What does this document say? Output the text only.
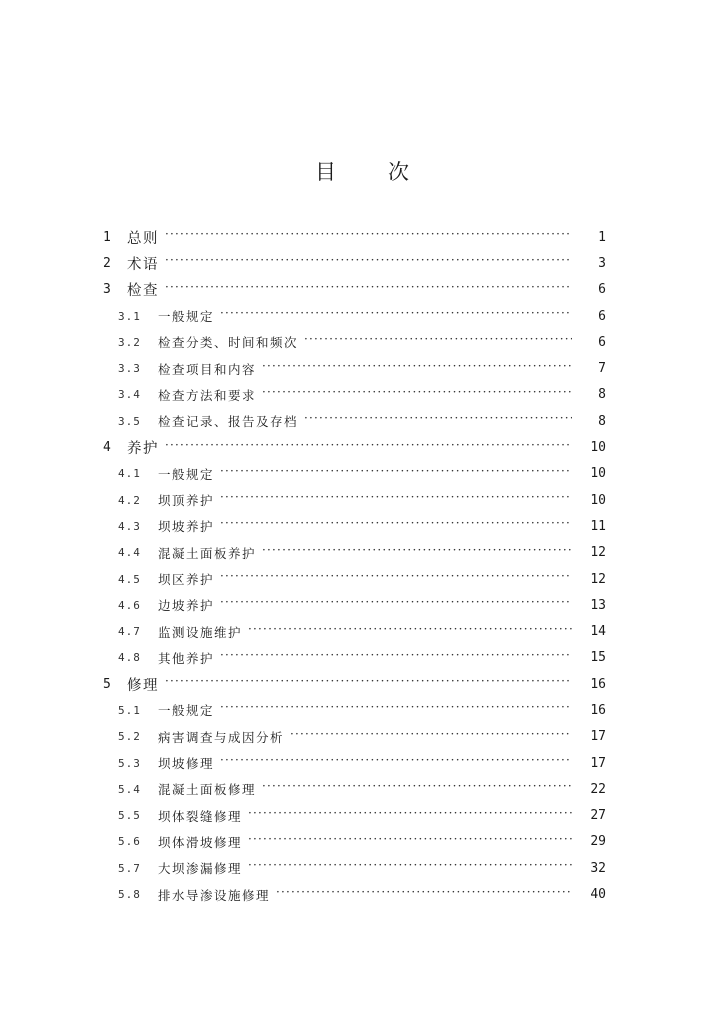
目 次
1	总则 ·····	1
2	术语 ·····	3
3	检查 ·····	6
3.1	一般规定 ·····	6
3.2	检查分类、时间和频次 ·····	6
3.3	检查项目和内容 ·····	7
3.4	检查方法和要求 ·····	8
3.5	检查记录、报告及存档 ·····	8
4	养护 ·····	10
4.1	一般规定 ·····	10
4.2	坝顶养护 ·····	10
4.3	坝坡养护 ·····	11
4.4	混凝土面板养护 ·····	12
4.5	坝区养护 ·····	12
4.6	边坡养护 ·····	13
4.7	监测设施维护 ·····	14
4.8	其他养护 ·····	15
5	修理 ·····	16
5.1	一般规定 ·····	16
5.2	病害调查与成因分析 ·····	17
5.3	坝坡修理 ·····	17
5.4	混凝土面板修理 ·····	22
5.5	坝体裂缝修理 ·····	27
5.6	坝体滑坡修理 ·····	29
5.7	大坝渗漏修理 ·····	32
5.8	排水导渗设施修理 ·····	40
